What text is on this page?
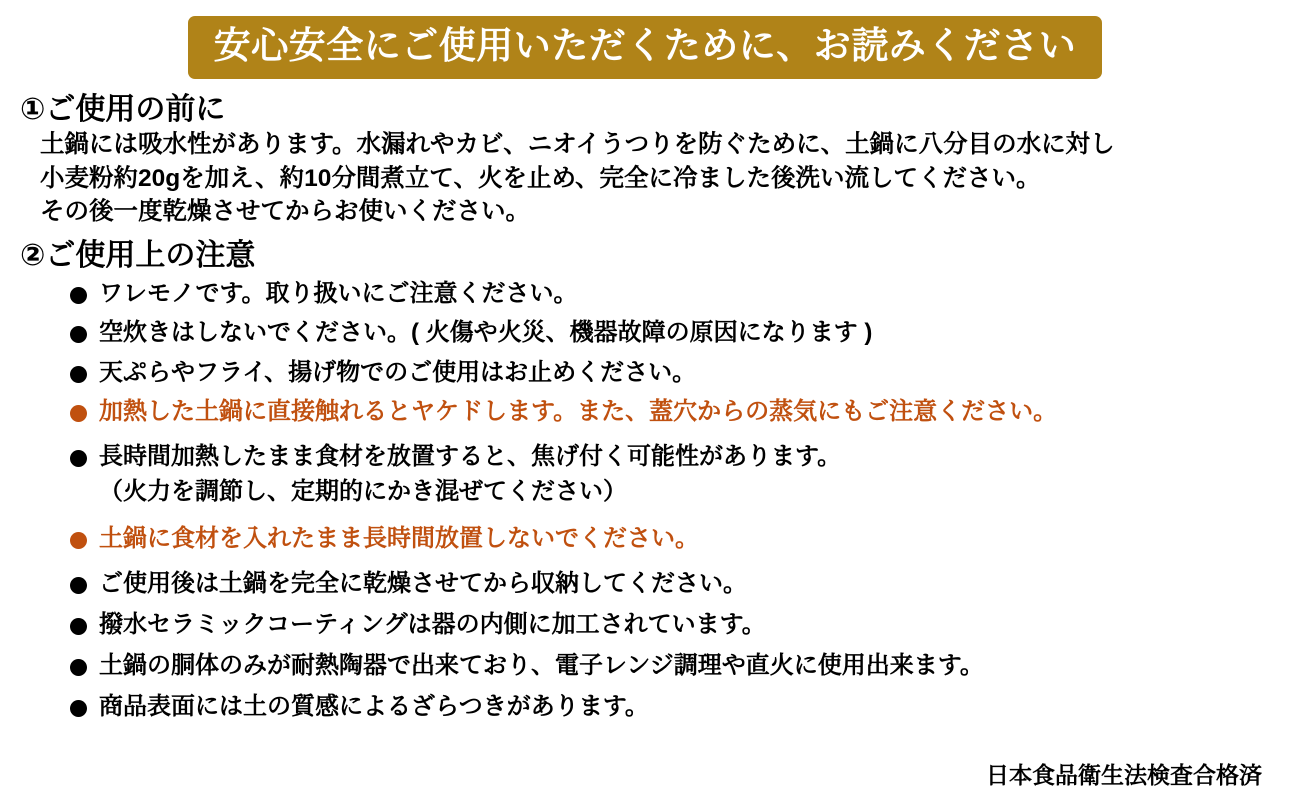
安心安全にご使用いただくために、お読みください
①ご使用の前に
土鍋には吸水性があります。水漏れやカビ、ニオイうつりを防ぐために、土鍋に八分目の水に対し
小麦粉約20gを加え、約10分間煮立て、火を止め、完全に冷ました後洗い流してください。
その後一度乾燥させてからお使いください。
②ご使用上の注意
ワレモノです。取り扱いにご注意ください。
空炊きはしないでください。( 火傷や火災、機器故障の原因になります )
天ぷらやフライ、揚げ物でのご使用はお止めください。
加熱した土鍋に直接触れるとヤケドします。また、蓋穴からの蒸気にもご注意ください。
長時間加熱したまま食材を放置すると、焦げ付く可能性があります。
（火力を調節し、定期的にかき混ぜてください）
土鍋に食材を入れたまま長時間放置しないでください。
ご使用後は土鍋を完全に乾燥させてから収納してください。
撥水セラミックコーティングは器の内側に加工されています。
土鍋の胴体のみが耐熱陶器で出来ており、電子レンジ調理や直火に使用出来ます。
商品表面には土の質感によるざらつきがあります。
日本食品衛生法検査合格済
